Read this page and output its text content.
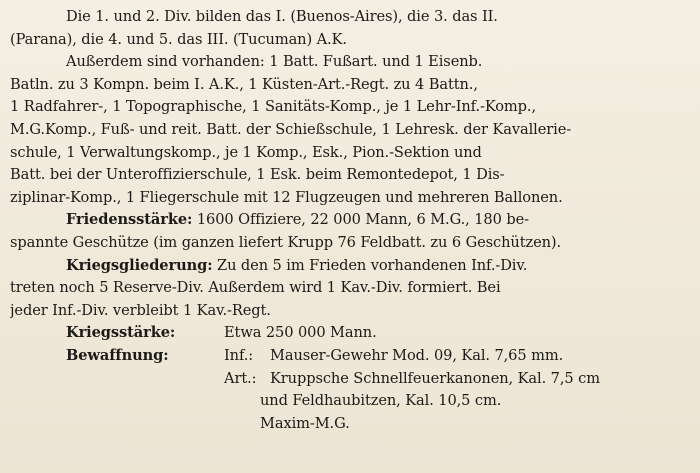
Die 1. und 2. Div. bilden das I. (Buenos-Aires), die 3. das II.
(Parana), die 4. und 5. das III. (Tucuman) A.K.
Außerdem sind vorhanden: 1 Batt. Fußart. und 1 Eisenb.
Batln. zu 3 Kompn. beim I. A.K., 1 Küsten-Art.-Regt. zu 4 Battn.,
1 Radfahrer-, 1 Topographische, 1 Sanitäts-Komp., je 1 Lehr-Inf.-Komp.,
M.G.Komp., Fuß- und reit. Batt. der Schießschule, 1 Lehresk. der Kavallerie-
schule, 1 Verwaltungskomp., je 1 Komp., Esk., Pion.-Sektion und
Batt. bei der Unteroffizierschule, 1 Esk. beim Remontedepot, 1 Dis-
ziplinar-Komp., 1 Fliegerschule mit 12 Flugzeugen und mehreren Ballonen.
Friedensstärke: 1600 Offiziere, 22 000 Mann, 6 M.G., 180 be-
spannte Geschütze (im ganzen liefert Krupp 76 Feldbatt. zu 6 Geschützen).
Kriegsgliederung: Zu den 5 im Frieden vorhandenen Inf.-Div.
treten noch 5 Reserve-Div. Außerdem wird 1 Kav.-Div. formiert. Bei
jeder Inf.-Div. verbleibt 1 Kav.-Regt.
Kriegsstärke:	Etwa 250 000 Mann.
Bewaffnung:	Inf.:	Mauser-Gewehr Mod. 09, Kal. 7,65 mm.
Art.: Kruppsche Schnellfeuerkanonen, Kal. 7,5 cm
und Feldhaubitzen, Kal. 10,5 cm.
Maxim-M.G.
